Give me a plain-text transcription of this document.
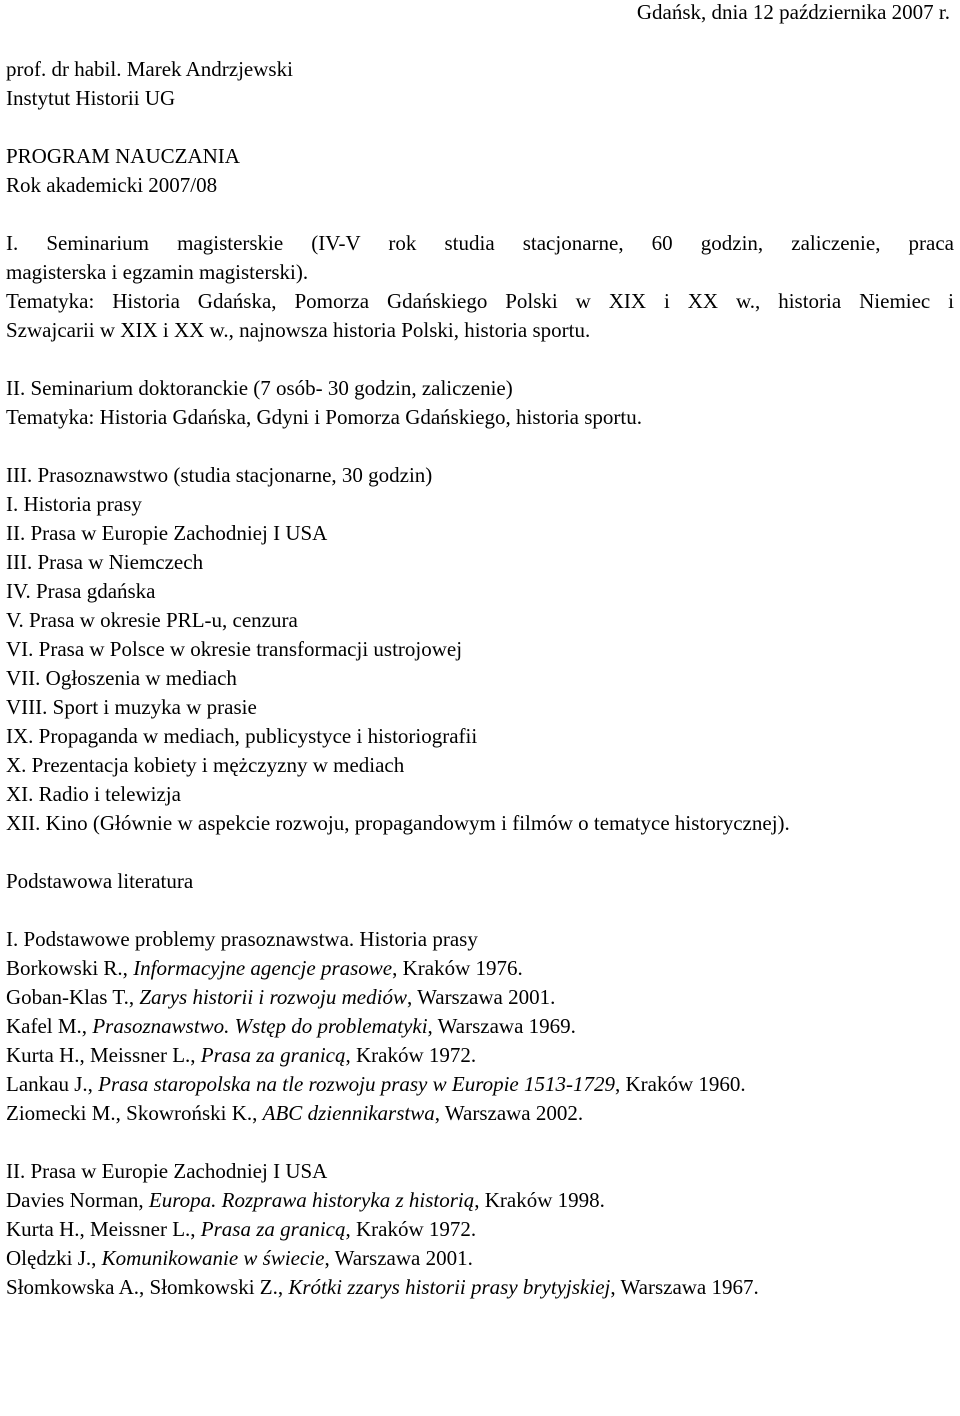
Gdańsk, dnia 12 października 2007 r.
prof. dr habil. Marek Andrzjewski
Instytut Historii UG
PROGRAM NAUCZANIA
Rok akademicki 2007/08
I. Seminarium magisterskie (IV-V rok studia stacjonarne, 60 godzin, zaliczenie, praca
magisterska i egzamin magisterski).
Tematyka: Historia Gdańska, Pomorza Gdańskiego Polski w XIX i XX w., historia Niemiec i
Szwajcarii w XIX i XX w., najnowsza historia Polski, historia sportu.
II. Seminarium doktoranckie (7 osób- 30 godzin, zaliczenie)
Tematyka: Historia Gdańska, Gdyni i Pomorza Gdańskiego, historia sportu.
III. Prasoznawstwo (studia stacjonarne, 30 godzin)
I. Historia prasy
II. Prasa w Europie Zachodniej I USA
III. Prasa w Niemczech
IV. Prasa gdańska
V. Prasa w okresie PRL-u, cenzura
VI. Prasa w Polsce w okresie transformacji ustrojowej
VII. Ogłoszenia w mediach
VIII. Sport i muzyka w prasie
IX. Propaganda w mediach, publicystyce i historiografii
X. Prezentacja kobiety i mężczyzny w mediach
XI. Radio i telewizja
XII. Kino (Głównie w aspekcie rozwoju, propagandowym i filmów o tematyce historycznej).
Podstawowa literatura
I. Podstawowe problemy prasoznawstwa. Historia prasy
Borkowski R., Informacyjne agencje prasowe, Kraków 1976.
Goban-Klas T., Zarys historii i rozwoju mediów, Warszawa 2001.
Kafel M., Prasoznawstwo. Wstęp do problematyki, Warszawa 1969.
Kurta H., Meissner L., Prasa za granicą, Kraków 1972.
Lankau J., Prasa staropolska na tle rozwoju prasy w Europie 1513-1729, Kraków 1960.
Ziomecki M., Skowroński K., ABC dziennikarstwa, Warszawa 2002.
II. Prasa w Europie Zachodniej I USA
Davies Norman, Europa. Rozprawa historyka z historią, Kraków 1998.
Kurta H., Meissner L., Prasa za granicą, Kraków 1972.
Olędzki J., Komunikowanie w świecie, Warszawa 2001.
Słomkowska A., Słomkowski Z., Krótki zzarys historii prasy brytyjskiej, Warszawa 1967.
